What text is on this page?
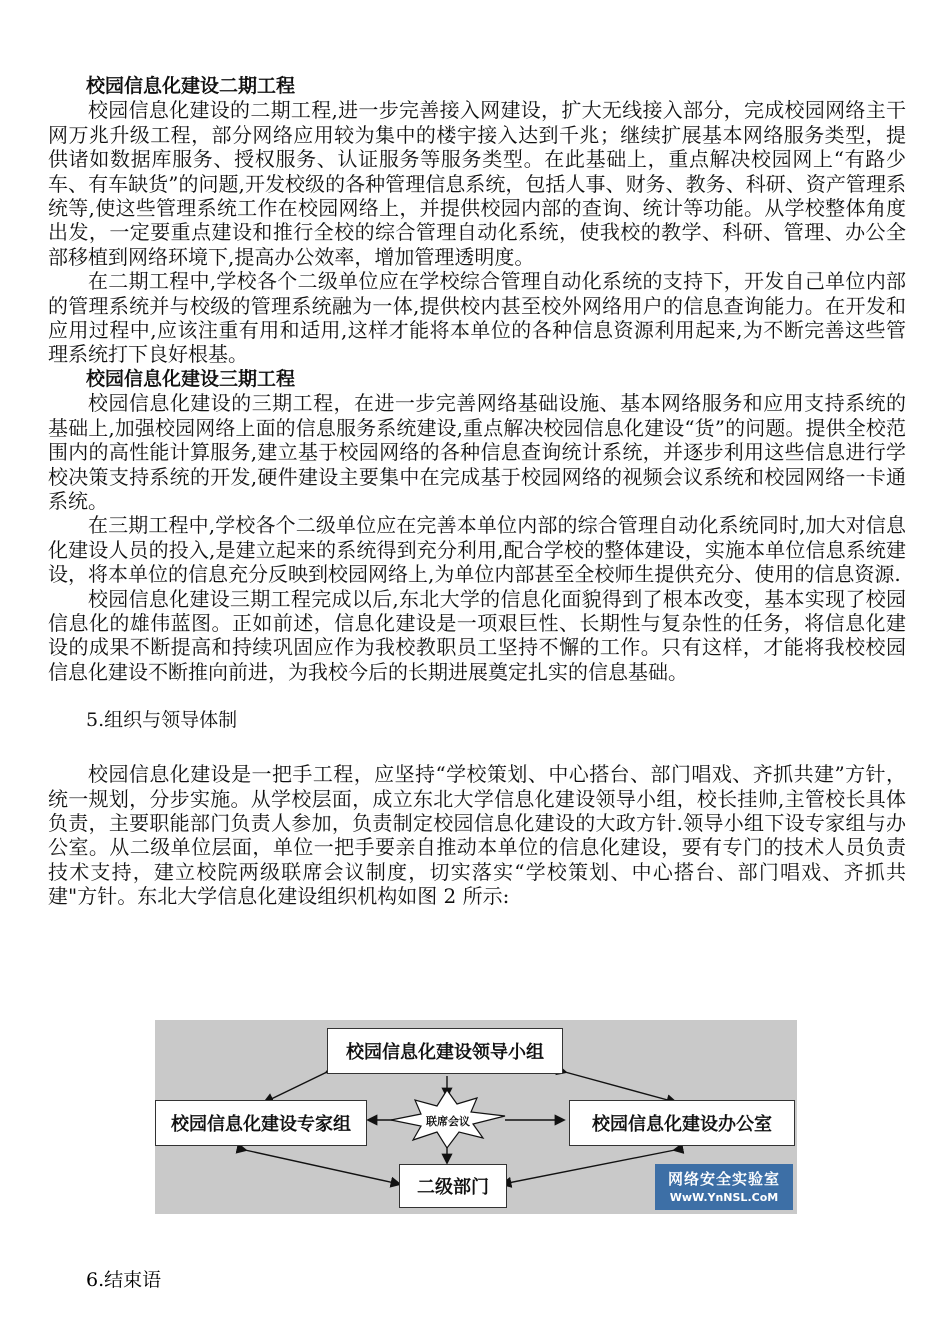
校园信息化建设二期工程

校园信息化建设的二期工程,进一步完善接入网建设，扩大无线接入部分，完成校园网络主干网万兆升级工程，部分网络应用较为集中的楼宇接入达到千兆；继续扩展基本网络服务类型，提供诸如数据库服务、授权服务、认证服务等服务类型。在此基础上，重点解决校园网上“有路少车、有车缺货”的问题,开发校级的各种管理信息系统，包括人事、财务、教务、科研、资产管理系统等,使这些管理系统工作在校园网络上，并提供校园内部的查询、统计等功能。从学校整体角度出发，一定要重点建设和推行全校的综合管理自动化系统，使我校的教学、科研、管理、办公全部移植到网络环境下,提高办公效率，增加管理透明度。

在二期工程中,学校各个二级单位应在学校综合管理自动化系统的支持下，开发自己单位内部的管理系统并与校级的管理系统融为一体,提供校内甚至校外网络用户的信息查询能力。在开发和应用过程中,应该注重有用和适用,这样才能将本单位的各种信息资源利用起来,为不断完善这些管理系统打下良好根基。

校园信息化建设三期工程

校园信息化建设的三期工程，在进一步完善网络基础设施、基本网络服务和应用支持系统的基础上,加强校园网络上面的信息服务系统建设,重点解决校园信息化建设“货”的问题。提供全校范围内的高性能计算服务,建立基于校园网络的各种信息查询统计系统，并逐步利用这些信息进行学校决策支持系统的开发,硬件建设主要集中在完成基于校园网络的视频会议系统和校园网络一卡通系统。

在三期工程中,学校各个二级单位应在完善本单位内部的综合管理自动化系统同时,加大对信息化建设人员的投入,是建立起来的系统得到充分利用,配合学校的整体建设，实施本单位信息系统建设，将本单位的信息充分反映到校园网络上,为单位内部甚至全校师生提供充分、使用的信息资源.

校园信息化建设三期工程完成以后,东北大学的信息化面貌得到了根本改变，基本实现了校园信息化的雄伟蓝图。正如前述，信息化建设是一项艰巨性、长期性与复杂性的任务，将信息化建设的成果不断提高和持续巩固应作为我校教职员工坚持不懈的工作。只有这样，才能将我校校园信息化建设不断推向前进，为我校今后的长期进展奠定扎实的信息基础。

5.组织与领导体制

校园信息化建设是一把手工程，应坚持“学校策划、中心搭台、部门唱戏、齐抓共建”方针，统一规划，分步实施。从学校层面，成立东北大学信息化建设领导小组，校长挂帅,主管校长具体负责，主要职能部门负责人参加，负责制定校园信息化建设的大政方针.领导小组下设专家组与办公室。从二级单位层面，单位一把手要亲自推动本单位的信息化建设，要有专门的技术人员负责技术支持，建立校院两级联席会议制度，切实落实“学校策划、中心搭台、部门唱戏、齐抓共建"方针。东北大学信息化建设组织机构如图 2 所示:

校园信息化建设领导小组
校园信息化建设专家组	校园信息化建设办公室
二级部门
联席会议
网络安全实验室
WwW.YnNSL.CoM

6.结束语
